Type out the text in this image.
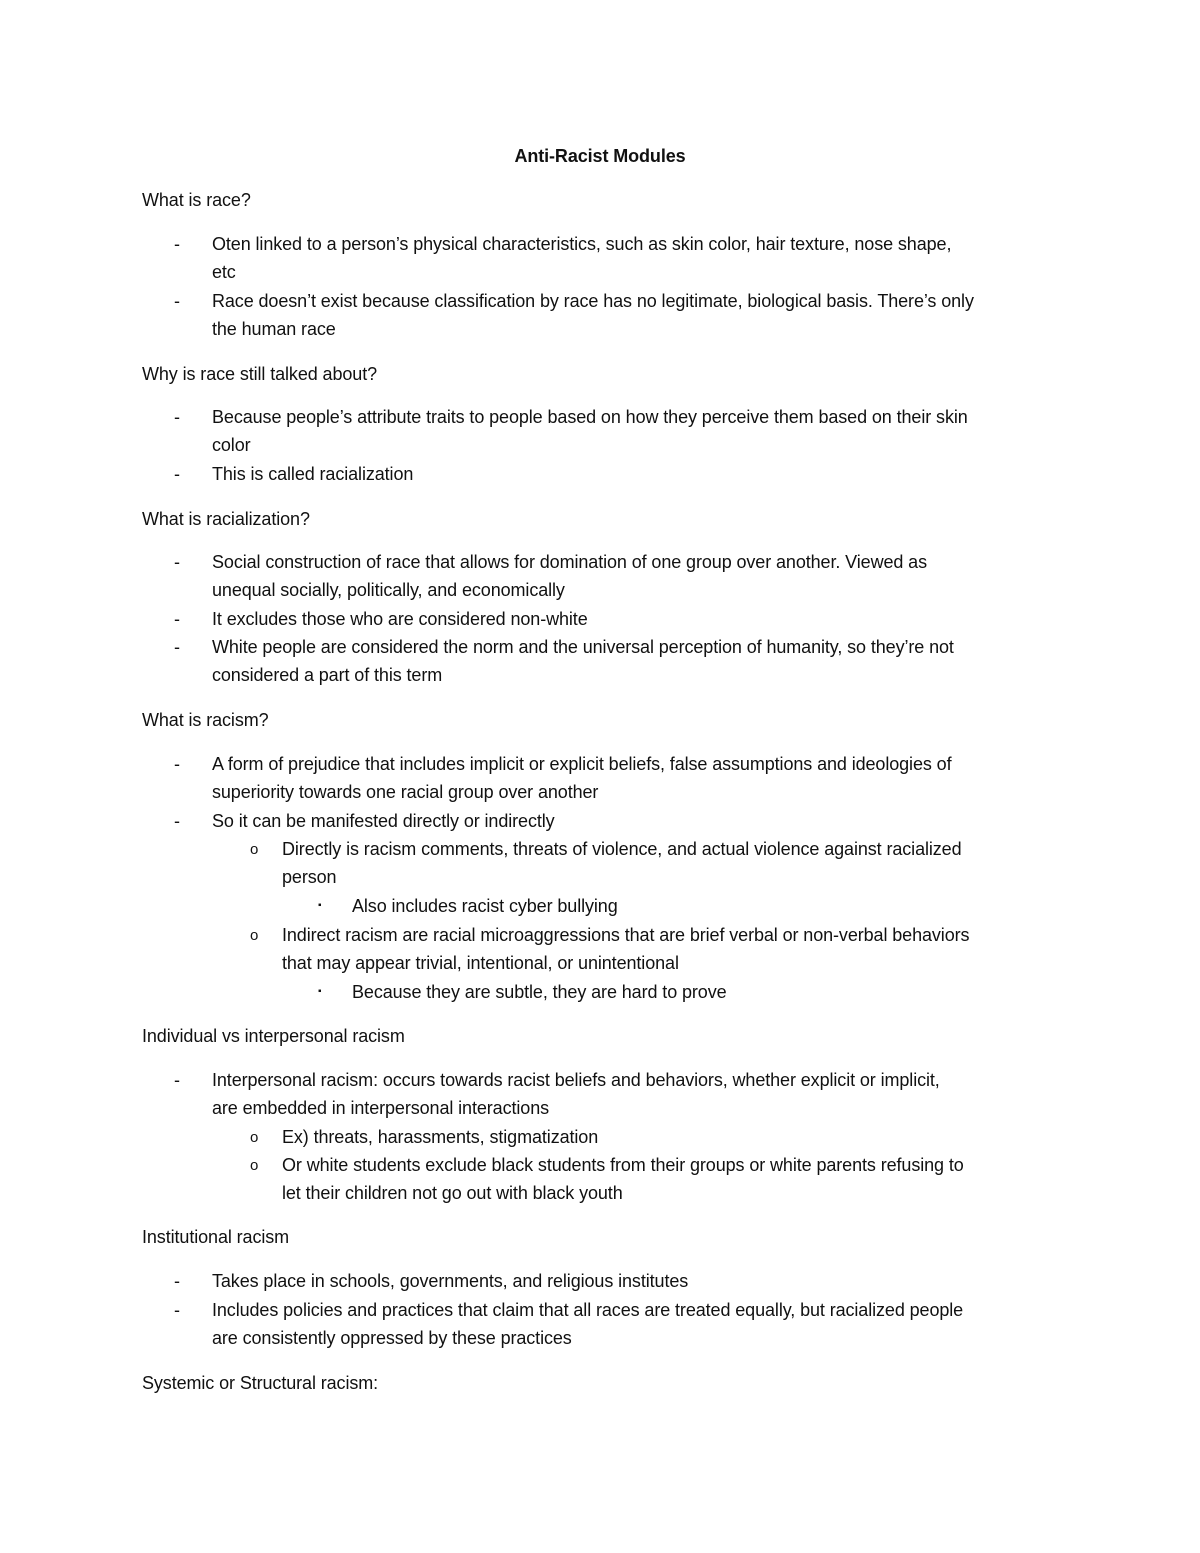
Anti-Racist Modules
What is race?
- Oten linked to a person’s physical characteristics, such as skin color, hair texture, nose shape,
etc
- Race doesn’t exist because classification by race has no legitimate, biological basis. There’s only
the human race
Why is race still talked about?
- Because people’s attribute traits to people based on how they perceive them based on their skin
color
- This is called racialization
What is racialization?
- Social construction of race that allows for domination of one group over another. Viewed as
unequal socially, politically, and economically
- It excludes those who are considered non-white
- White people are considered the norm and the universal perception of humanity, so they’re not
considered a part of this term
What is racism?
- A form of prejudice that includes implicit or explicit beliefs, false assumptions and ideologies of
superiority towards one racial group over another
- So it can be manifested directly or indirectly
o Directly is racism comments, threats of violence, and actual violence against racialized
person
▪ Also includes racist cyber bullying
o Indirect racism are racial microaggressions that are brief verbal or non-verbal behaviors
that may appear trivial, intentional, or unintentional
▪ Because they are subtle, they are hard to prove
Individual vs interpersonal racism
- Interpersonal racism: occurs towards racist beliefs and behaviors, whether explicit or implicit,
are embedded in interpersonal interactions
o Ex) threats, harassments, stigmatization
o Or white students exclude black students from their groups or white parents refusing to
let their children not go out with black youth
Institutional racism
- Takes place in schools, governments, and religious institutes
- Includes policies and practices that claim that all races are treated equally, but racialized people
are consistently oppressed by these practices
Systemic or Structural racism:
